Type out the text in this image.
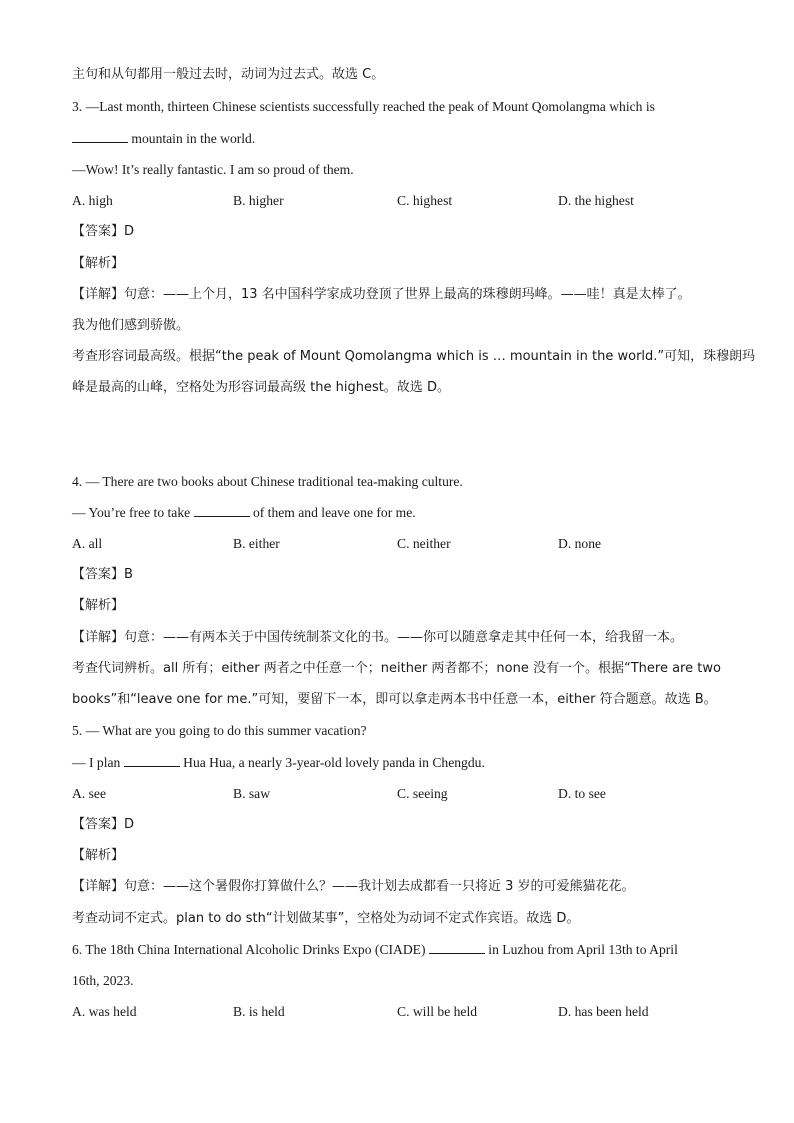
主句和从句都用一般过去时，动词为过去式。故选 C。
3. —Last month, thirteen Chinese scientists successfully reached the peak of Mount Qomolangma which is
mountain in the world.
—Wow! It’s really fantastic. I am so proud of them.
A. high	B. higher	C. highest	D. the highest
【答案】D
【解析】
【详解】句意：——上个月，13 名中国科学家成功登顶了世界上最高的珠穆朗玛峰。——哇！真是太棒了。
我为他们感到骄傲。
考查形容词最高级。根据“the peak of Mount Qomolangma which is … mountain in the world.”可知，珠穆朗玛
峰是最高的山峰，空格处为形容词最高级 the highest。故选 D。
4. — There are two books about Chinese traditional tea-making culture.
— You’re free to take	of them and leave one for me.
A. all	B. either	C. neither	D. none
【答案】B
【解析】
【详解】句意：——有两本关于中国传统制茶文化的书。——你可以随意拿走其中任何一本，给我留一本。
考查代词辨析。all 所有；either 两者之中任意一个；neither 两者都不；none 没有一个。根据“There are two
books”和“leave one for me.”可知，要留下一本，即可以拿走两本书中任意一本，either 符合题意。故选 B。
5. — What are you going to do this summer vacation?
— I plan	Hua Hua, a nearly 3-year-old lovely panda in Chengdu.
A. see	B. saw	C. seeing	D. to see
【答案】D
【解析】
【详解】句意：——这个暑假你打算做什么？——我计划去成都看一只将近 3 岁的可爱熊猫花花。
考查动词不定式。plan to do sth“计划做某事”，空格处为动词不定式作宾语。故选 D。
6. The 18th China International Alcoholic Drinks Expo (CIADE)	in Luzhou from April 13th to April
16th, 2023.
A. was held	B. is held	C. will be held	D. has been held
